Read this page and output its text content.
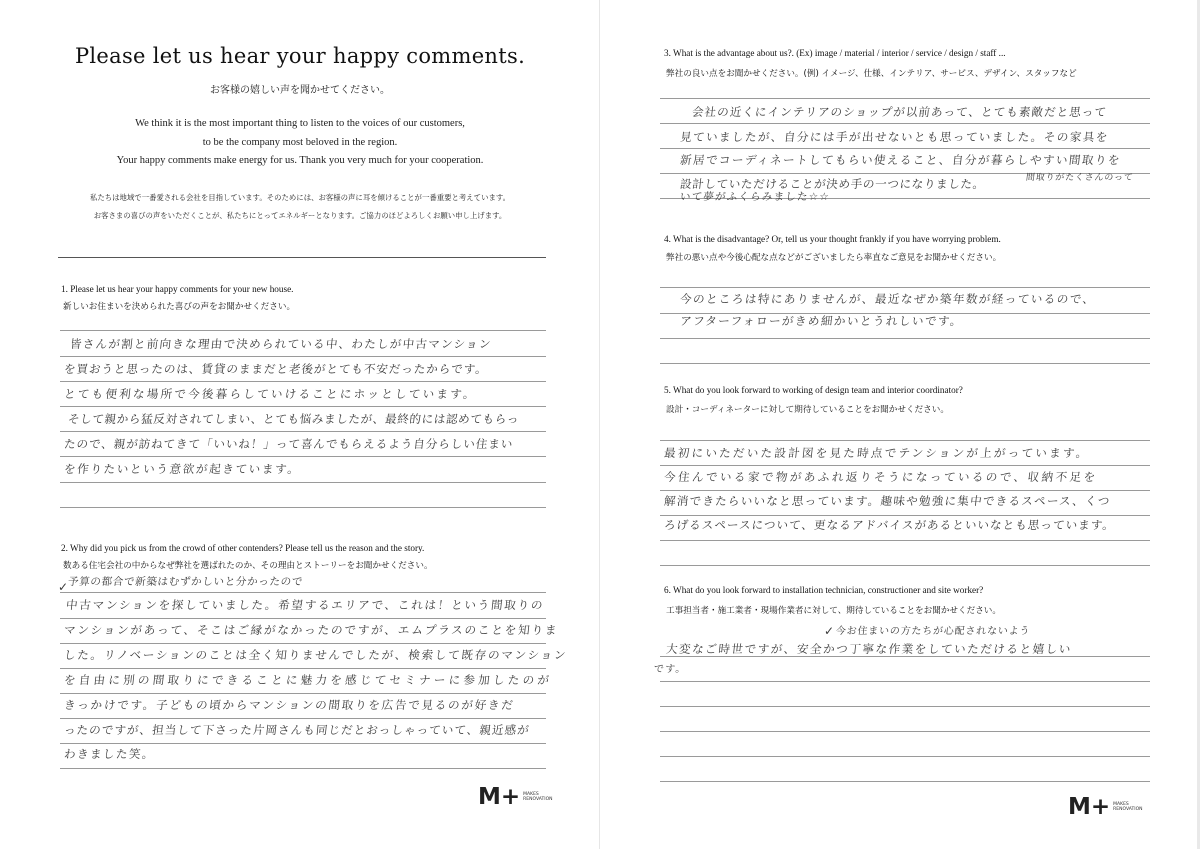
Please let us hear your happy comments.
お客様の嬉しい声を聞かせてください。
We think it is the most important thing to listen to the voices of our customers,
to be the company most beloved in the region.
Your happy comments make energy for us. Thank you very much for your cooperation.
私たちは地域で一番愛される会社を目指しています。そのためには、お客様の声に耳を傾けることが一番重要と考えています。
お客さまの喜びの声をいただくことが、私たちにとってエネルギーとなります。ご協力のほどよろしくお願い申し上げます。
1. Please let us hear your happy comments for your new house.
新しいお住まいを決められた喜びの声をお聞かせください。
皆さんが割と前向きな理由で決められている中、わたしが中古マンション
を買おうと思ったのは、賃貸のままだと老後がとても不安だったからです。
とても便利な場所で今後暮らしていけることにホッとしています。
そして親から猛反対されてしまい、とても悩みましたが、最終的には認めてもらっ
たので、親が訪ねてきて「いいね！」って喜んでもらえるよう自分らしい住まい
を作りたいという意欲が起きています。
2. Why did you pick us from the crowd of other contenders? Please tell us the reason and the story.
数ある住宅会社の中からなぜ弊社を選ばれたのか、その理由とストーリーをお聞かせください。
✓ 予算の都合で新築はむずかしいと分かったので
中古マンションを探していました。希望するエリアで、これは！という間取りの
マンションがあって、そこはご縁がなかったのですが、エムプラスのことを知りま
した。リノベーションのことは全く知りませんでしたが、検索して既存のマンション
を自由に別の間取りにできることに魅力を感じてセミナーに参加したのが
きっかけです。子どもの頃からマンションの間取りを広告で見るのが好きだ
ったのですが、担当して下さった片岡さんも同じだとおっしゃっていて、親近感が
わきました笑。
M+ MAKES
RENOVATION
3. What is the advantage about us?. (Ex) image / material / interior / service / design / staff ...
弊社の良い点をお聞かせください。(例) イメージ、仕様、インテリア、サービス、デザイン、スタッフなど
会社の近くにインテリアのショップが以前あって、とても素敵だと思って
見ていましたが、自分には手が出せないとも思っていました。その家具を
新居でコーディネートしてもらい使えること、自分が暮らしやすい間取りを
設計していただけることが決め手の一つになりました。	間取りがたくさんのって
いて夢がふくらみました☆☆
4. What is the disadvantage? Or, tell us your thought frankly if you have worrying problem.
弊社の悪い点や今後心配な点などがございましたら率直なご意見をお聞かせください。
今のところは特にありませんが、最近なぜか築年数が経っているので、
アフターフォローがきめ細かいとうれしいです。
5. What do you look forward to working of design team and interior coordinator?
設計・コーディネーターに対して期待していることをお聞かせください。
最初にいただいた設計図を見た時点でテンションが上がっています。
今住んでいる家で物があふれ返りそうになっているので、収納不足を
解消できたらいいなと思っています。趣味や勉強に集中できるスペース、くつ
ろげるスペースについて、更なるアドバイスがあるといいなとも思っています。
6. What do you look forward to installation technician, constructioner and site worker?
工事担当者・施工業者・現場作業者に対して、期待していることをお聞かせください。
✓ 今お住まいの方たちが心配されないよう
大変なご時世ですが、安全かつ丁寧な作業をしていただけると嬉しい
です。
M+ MAKES
RENOVATION
